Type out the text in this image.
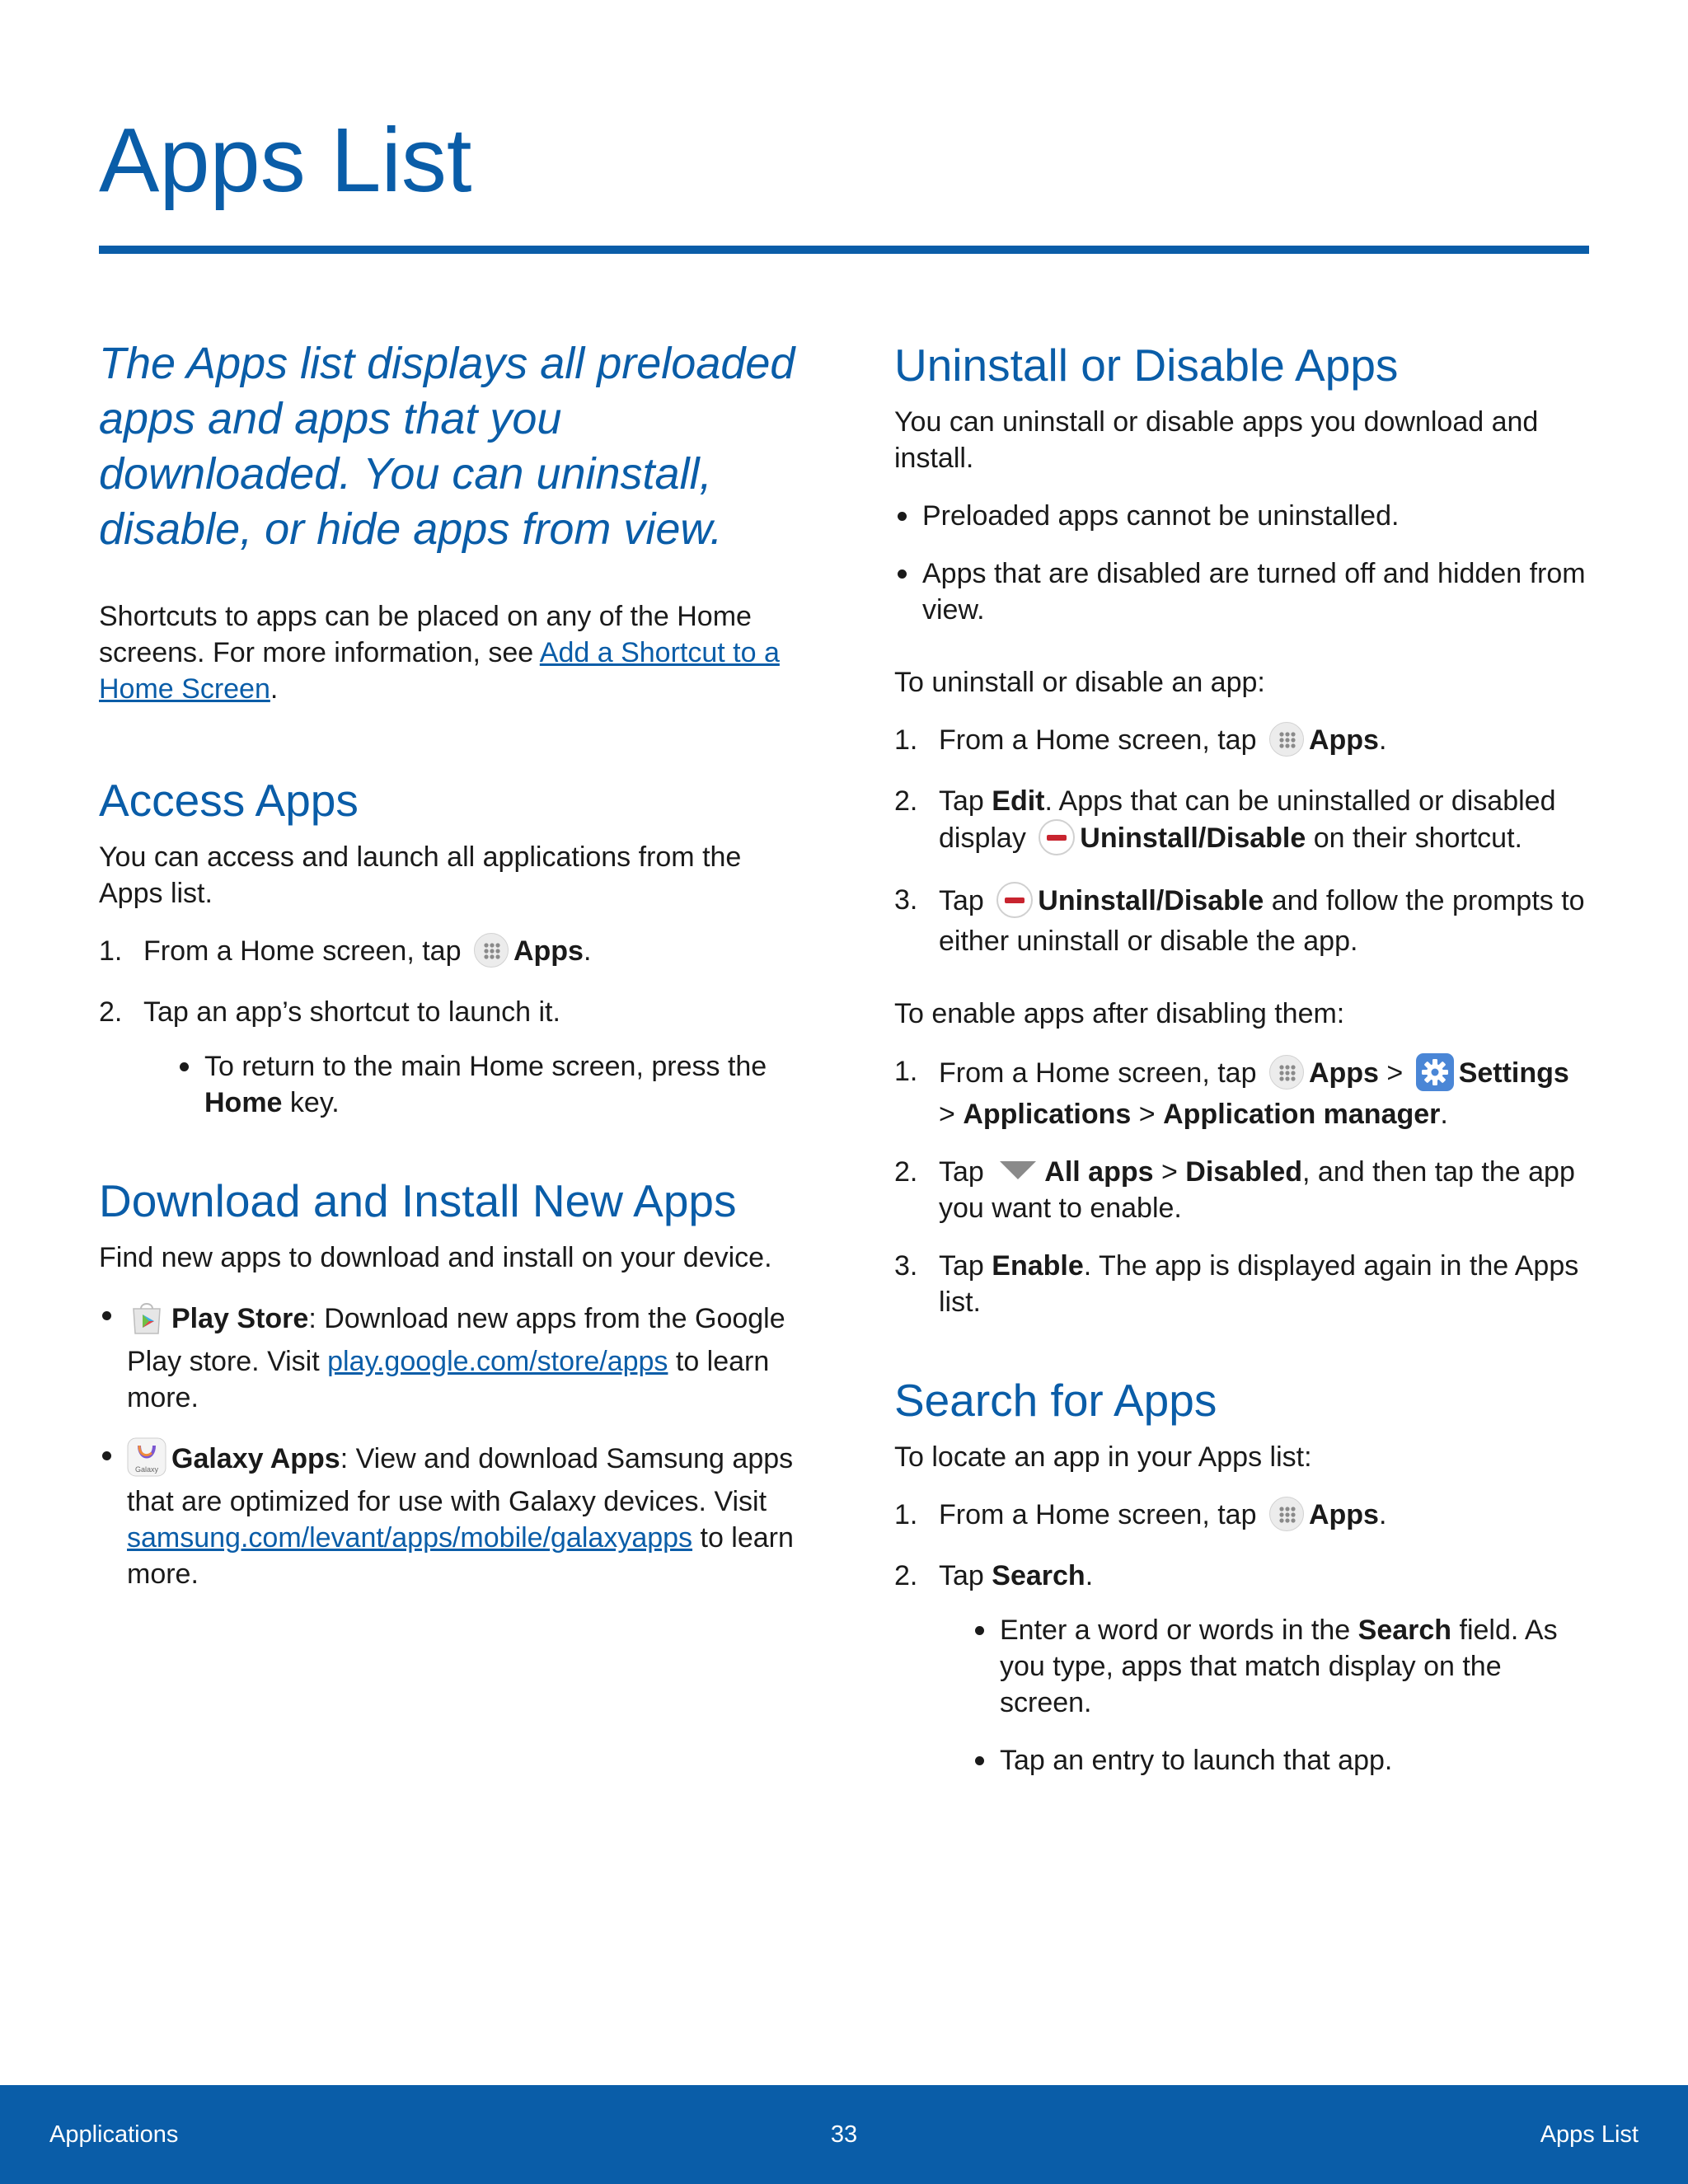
Apps List

The Apps list displays all preloaded apps and apps that you downloaded. You can uninstall, disable, or hide apps from view.

Shortcuts to apps can be placed on any of the Home screens. For more information, see Add a Shortcut to a Home Screen.

Access Apps

You can access and launch all applications from the Apps list.

1. From a Home screen, tap Apps.
2. Tap an app’s shortcut to launch it.
To return to the main Home screen, press the Home key.
Download and Install New Apps

Find new apps to download and install on your device.

Play Store: Download new apps from the Google Play store. Visit play.google.com/store/apps to learn more.
Galaxy Galaxy Apps: View and download Samsung apps that are optimized for use with Galaxy devices. Visit samsung.com/levant/apps/mobile/galaxyapps to learn more.
Uninstall or Disable Apps

You can uninstall or disable apps you download and install.

Preloaded apps cannot be uninstalled.
Apps that are disabled are turned off and hidden from view.

To uninstall or disable an app:

1. From a Home screen, tap Apps.
2. Tap Edit. Apps that can be uninstalled or disabled display Uninstall/Disable on their shortcut.
3. Tap Uninstall/Disable and follow the prompts to either uninstall or disable the app.

To enable apps after disabling them:

1. From a Home screen, tap Apps > Settings > Applications > Application manager.
2. Tap All apps > Disabled, and then tap the app you want to enable.
3. Tap Enable. The app is displayed again in the Apps list.
Search for Apps

To locate an app in your Apps list:

1. From a Home screen, tap Apps.
2. Tap Search.
Enter a word or words in the Search field. As you type, apps that match display on the screen.
Tap an entry to launch that app.
Applications	33	Apps List
